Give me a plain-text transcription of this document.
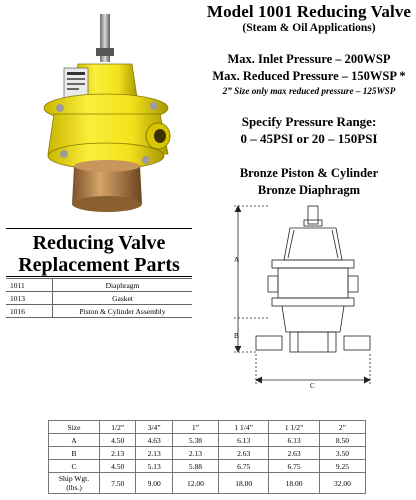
Model 1001 Reducing Valve
(Steam & Oil Applications)
Max. Inlet Pressure – 200WSP
Max. Reduced Pressure – 150WSP *
2” Size only max reduced pressure – 125WSP
Specify Pressure Range:
0 – 45PSI or 20 – 150PSI
Bronze Piston & Cylinder
Bronze Diaphragm
A
B
C
Reducing Valve
Replacement Parts
1011	Diaphragm
1013	Gasket
1016	Piston & Cylinder Assembly
Size	1/2”	3/4”	1”	1 1/4”	1 1/2”	2”
A	4.50	4.63	5.38	6.13	6.13	8.50
B	2.13	2.13	2.13	2.63	2.63	3.50
C	4.50	5.13	5.88	6.75	6.75	9.25
Ship Wgt.
(lbs.)	7.50	9.00	12.00	18.00	18.00	32.00
